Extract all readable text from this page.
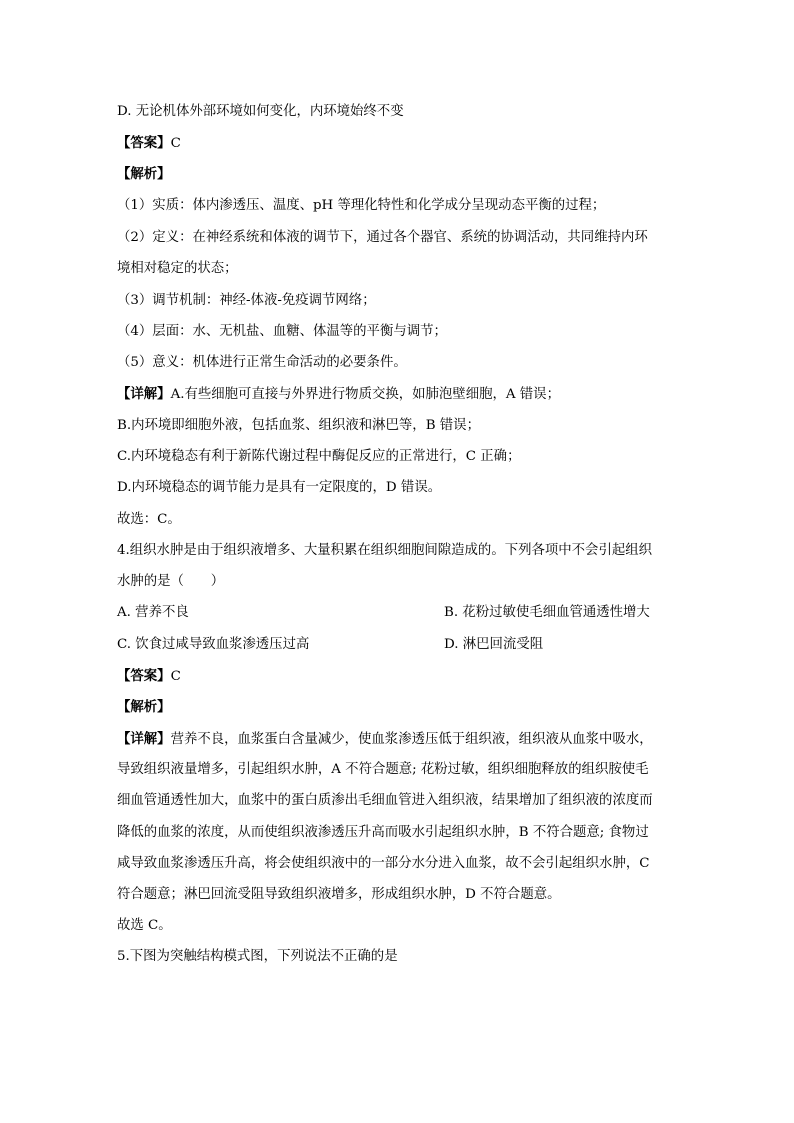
D. 无论机体外部环境如何变化，内环境始终不变
【答案】C
【解析】
（1）实质：体内渗透压、温度、pH 等理化特性和化学成分呈现动态平衡的过程；
（2）定义：在神经系统和体液的调节下，通过各个器官、系统的协调活动，共同维持内环
境相对稳定的状态；
（3）调节机制：神经-体液-免疫调节网络；
（4）层面：水、无机盐、血糖、体温等的平衡与调节；
（5）意义：机体进行正常生命活动的必要条件。
【详解】A.有些细胞可直接与外界进行物质交换，如肺泡壁细胞，A 错误；
B.内环境即细胞外液，包括血浆、组织液和淋巴等，B 错误；
C.内环境稳态有利于新陈代谢过程中酶促反应的正常进行，C 正确；
D.内环境稳态的调节能力是具有一定限度的，D 错误。
故选：C。
4.组织水肿是由于组织液增多、大量积累在组织细胞间隙造成的。下列各项中不会引起组织
水肿的是（　　）
A. 营养不良	B. 花粉过敏使毛细血管通透性增大
C. 饮食过咸导致血浆渗透压过高	D. 淋巴回流受阻
【答案】C
【解析】
【详解】营养不良，血浆蛋白含量减少，使血浆渗透压低于组织液，组织液从血浆中吸水，
导致组织液量增多，引起组织水肿，A 不符合题意; 花粉过敏，组织细胞释放的组织胺使毛
细血管通透性加大，血浆中的蛋白质渗出毛细血管进入组织液，结果增加了组织液的浓度而
降低的血浆的浓度，从而使组织液渗透压升高而吸水引起组织水肿，B 不符合题意; 食物过
咸导致血浆渗透压升高，将会使组织液中的一部分水分进入血浆，故不会引起组织水肿，C
符合题意；淋巴回流受阻导致组织液增多，形成组织水肿，D 不符合题意。
故选 C。
5.下图为突触结构模式图，下列说法不正确的是
